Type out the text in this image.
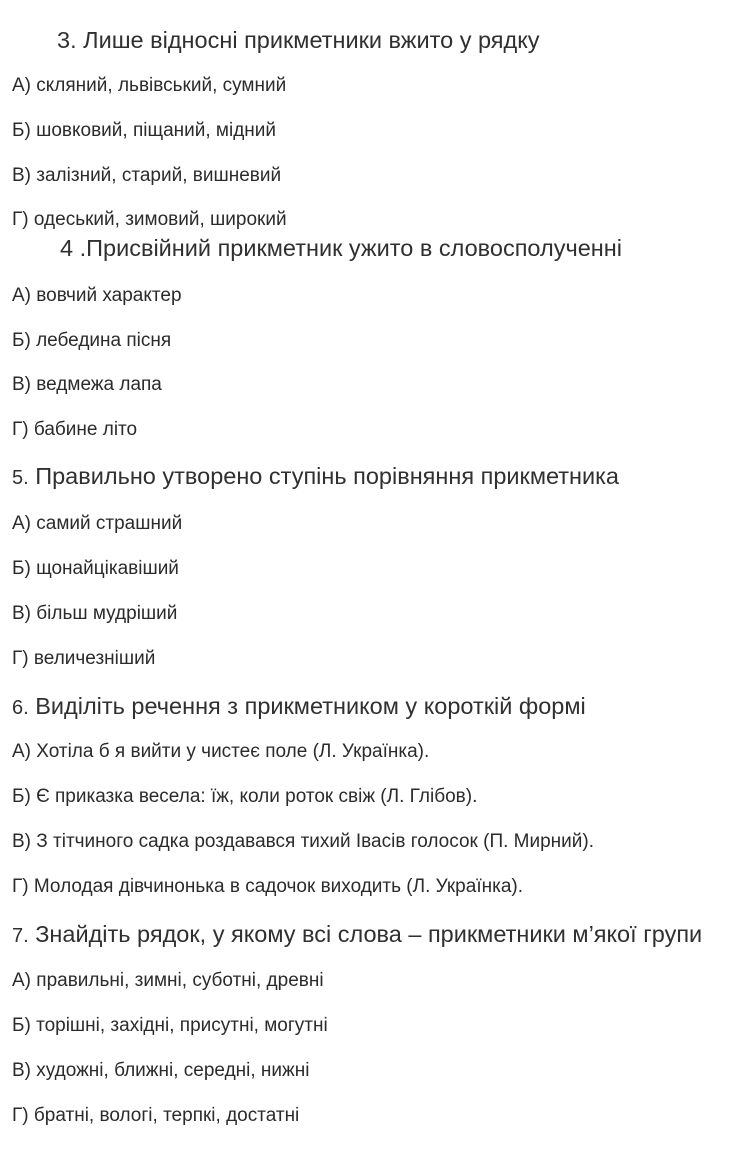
3. Лише відносні прикметники вжито у рядку
А) скляний, львівський, сумний
Б) шовковий, піщаний, мідний
В) залізний, старий, вишневий
Г) одеський, зимовий, широкий
4 .Присвійний прикметник ужито в словосполученні
А) вовчий характер
Б) лебедина пісня
В) ведмежа лапа
Г) бабине літо
5. Правильно утворено ступінь порівняння прикметника
А) самий страшний
Б) щонайцікавіший
В) більш мудріший
Г) величезніший
6. Виділіть речення з прикметником у короткій формі
А) Хотіла б я вийти у чистеє поле (Л. Українка).
Б) Є приказка весела: їж, коли роток свіж (Л. Глібов).
В) З тітчиного садка роздавався тихий Івасів голосок (П. Мирний).
Г) Молодая дівчинонька в садочок виходить (Л. Українка).
7. Знайдіть рядок, у якому всі слова – прикметники м’якої групи
А) правильні, зимні, суботні, древні
Б) торішні, західні, присутні, могутні
В) художні, ближні, середні, нижні
Г) братні, вологі, терпкі, достатні
